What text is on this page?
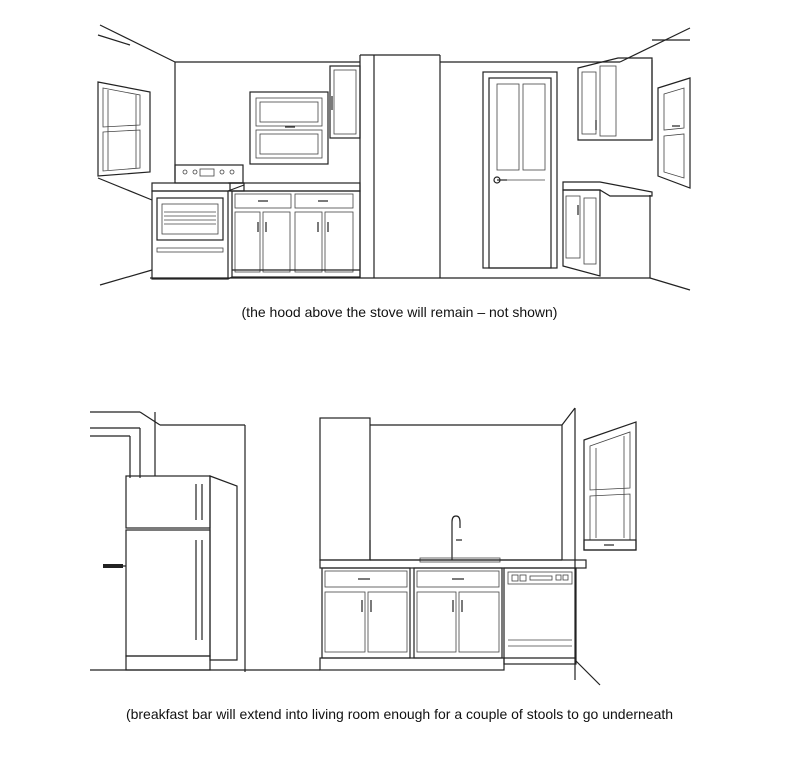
(the hood above the stove will remain – not shown)
(breakfast bar will extend into living room enough for a couple of stools to go underneath
